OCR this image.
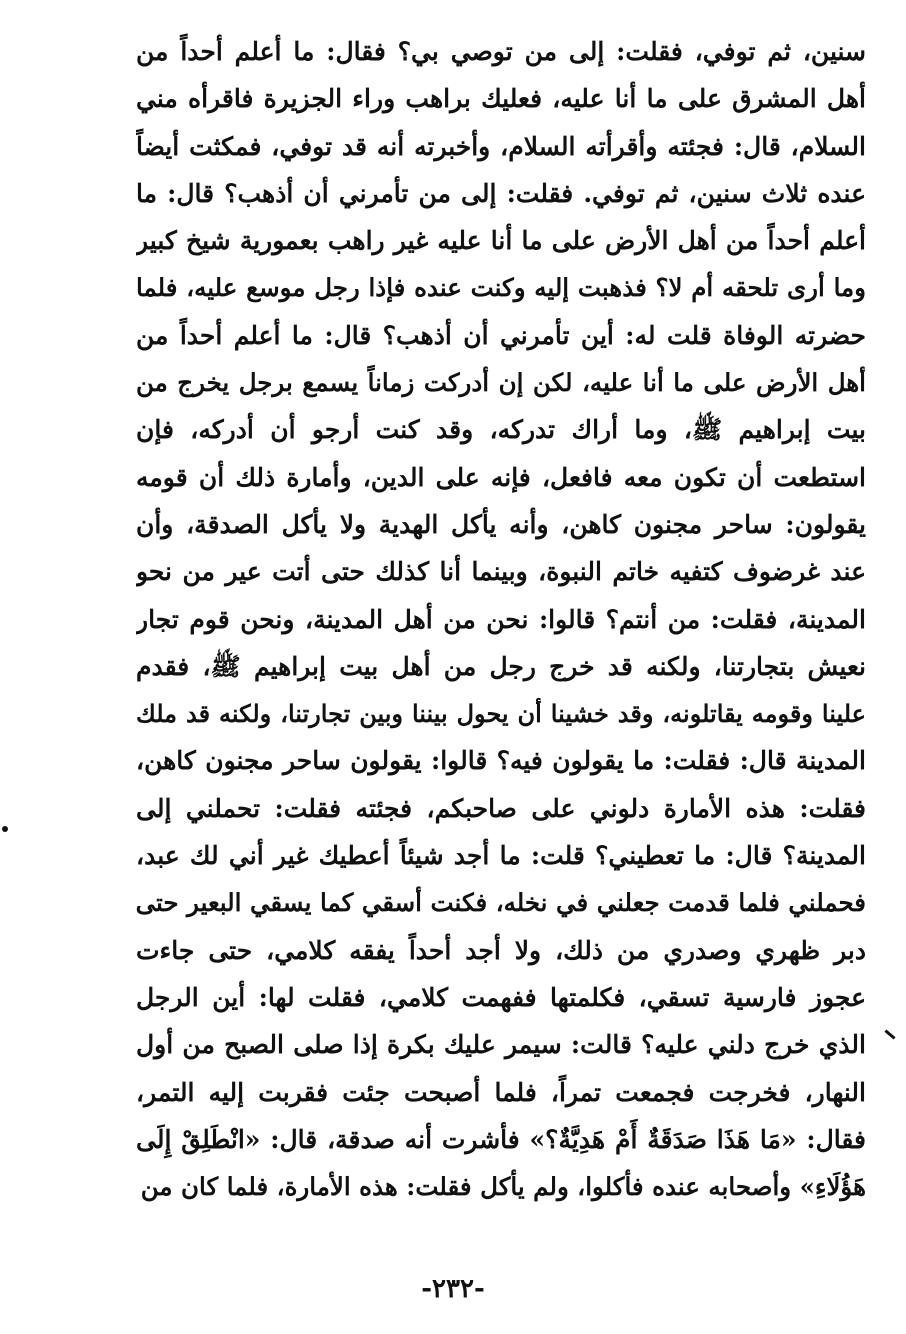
سنين، ثم توفي، فقلت: إلى من توصي بي؟ فقال: ما أعلم أحداً من
أهل المشرق على ما أنا عليه، فعليك براهب وراء الجزيرة فاقرأه مني
السلام، قال: فجئته وأقرأته السلام، وأخبرته أنه قد توفي، فمكثت أيضاً
عنده ثلاث سنين، ثم توفي. فقلت: إلى من تأمرني أن أذهب؟ قال: ما
أعلم أحداً من أهل الأرض على ما أنا عليه غير راهب بعمورية شيخ كبير
وما أرى تلحقه أم لا؟ فذهبت إليه وكنت عنده فإذا رجل موسع عليه، فلما
حضرته الوفاة قلت له: أين تأمرني أن أذهب؟ قال: ما أعلم أحداً من
أهل الأرض على ما أنا عليه، لكن إن أدركت زماناً يسمع برجل يخرج من
بيت إبراهيم ﷺ، وما أراك تدركه، وقد كنت أرجو أن أدركه، فإن
استطعت أن تكون معه فافعل، فإنه على الدين، وأمارة ذلك أن قومه
يقولون: ساحر مجنون كاهن، وأنه يأكل الهدية ولا يأكل الصدقة، وأن
عند غرضوف كتفيه خاتم النبوة، وبينما أنا كذلك حتى أتت عير من نحو
المدينة، فقلت: من أنتم؟ قالوا: نحن من أهل المدينة، ونحن قوم تجار
نعيش بتجارتنا، ولكنه قد خرج رجل من أهل بيت إبراهيم ﷺ، فقدم
علينا وقومه يقاتلونه، وقد خشينا أن يحول بيننا وبين تجارتنا، ولكنه قد ملك
المدينة قال: فقلت: ما يقولون فيه؟ قالوا: يقولون ساحر مجنون كاهن،
فقلت: هذه الأمارة دلوني على صاحبكم، فجئته فقلت: تحملني إلى
المدينة؟ قال: ما تعطيني؟ قلت: ما أجد شيئاً أعطيك غير أني لك عبد،
فحملني فلما قدمت جعلني في نخله، فكنت أسقي كما يسقي البعير حتى
دبر ظهري وصدري من ذلك، ولا أجد أحداً يفقه كلامي، حتى جاءت
عجوز فارسية تسقي، فكلمتها ففهمت كلامي، فقلت لها: أين الرجل
الذي خرج دلني عليه؟ قالت: سيمر عليك بكرة إذا صلى الصبح من أول
النهار، فخرجت فجمعت تمراً، فلما أصبحت جئت فقربت إليه التمر،
فقال: «مَا هَذَا صَدَقَةٌ أَمْ هَدِيَّةٌ؟» فأشرت أنه صدقة، قال: «انْطَلِقْ إِلَى
هَؤُلَاءِ» وأصحابه عنده فأكلوا، ولم يأكل فقلت: هذه الأمارة، فلما كان من
-٢٣٢-
